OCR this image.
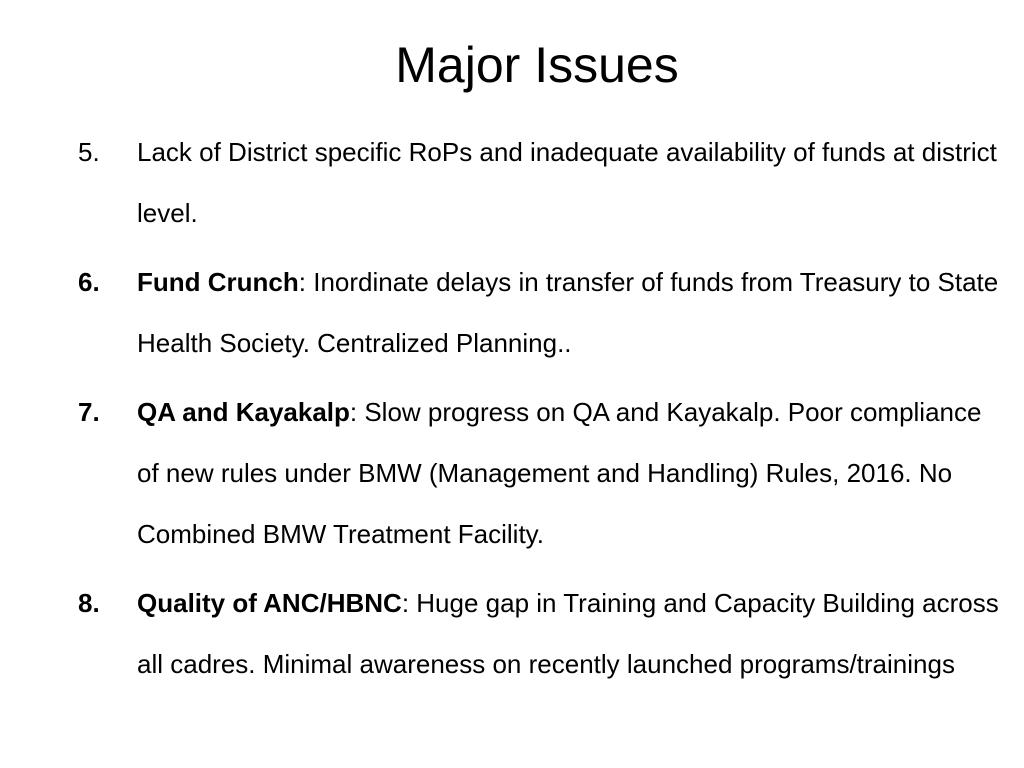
Major Issues
5. Lack of District specific RoPs and inadequate availability of funds at district level.
6. Fund Crunch: Inordinate delays in transfer of funds from Treasury to State Health Society. Centralized Planning..
7. QA and Kayakalp: Slow progress on QA and Kayakalp. Poor compliance of new rules under BMW (Management and Handling) Rules, 2016. No Combined BMW Treatment Facility.
8. Quality of ANC/HBNC: Huge gap in Training and Capacity Building across all cadres. Minimal awareness on recently launched programs/trainings
